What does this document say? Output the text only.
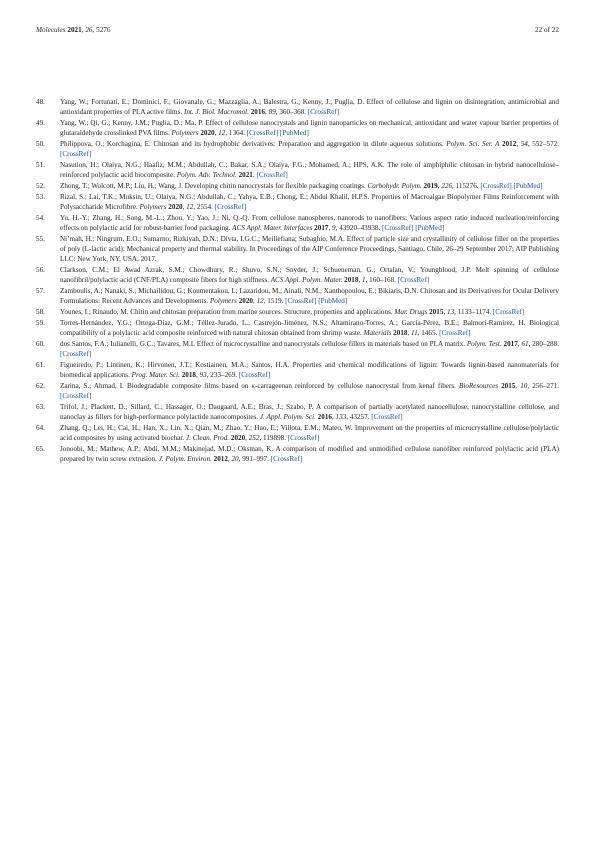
Molecules 2021, 26, 5276	22 of 22
48. Yang, W.; Fortunati, E.; Dominici, F.; Giovanale, G.; Mazzaglia, A.; Balestra, G.; Kenny, J.; Puglia, D. Effect of cellulose and lignin on disintegration, antimicrobial and antioxidant properties of PLA active films. Int. J. Biol. Macromol. 2016, 89, 360–368. [CrossRef]
49. Yang, W.; Qi, G.; Kenny, J.M.; Puglia, D.; Ma, P. Effect of cellulose nanocrystals and lignin nanoparticles on mechanical, antioxidant and water vapour barrier properties of glutaraldehyde crosslinked PVA films. Polymers 2020, 12, 1364. [CrossRef] [PubMed]
50. Philippova, O.; Korchagina, E. Chitosan and its hydrophobic derivatives: Preparation and aggregation in dilute aqueous solutions. Polym. Sci. Ser. A 2012, 54, 552–572. [CrossRef]
51. Nasution, H.; Olaiya, N.G.; Haafiz, M.M.; Abdullah, C.; Bakar, S.A.; Olaiya, F.G.; Mohamed, A.; HPS, A.K. The role of amphiphilic chitosan in hybrid nanocellulose–reinforced polylactic acid biocomposite. Polym. Adv. Technol. 2021. [CrossRef]
52. Zhong, T.; Wolcott, M.P.; Liu, H.; Wang, J. Developing chitin nanocrystals for flexible packaging coatings. Carbohydr. Polym. 2019, 226, 115276. [CrossRef] [PubMed]
53. Rizal, S.; Lai, T.K.; Muksin, U.; Olaiya, N.G.; Abdullah, C.; Yahya, E.B.; Chong, E.; Abdul Khalil, H.P.S. Properties of Macroalgae Biopolymer Films Reinforcement with Polysaccharide Microfibre. Polymers 2020, 12, 2554. [CrossRef]
54. Yu, H.-Y.; Zhang, H.; Song, M.-L.; Zhou, Y.; Yao, J.; Ni, Q.-Q. From cellulose nanospheres, nanorods to nanofibers: Various aspect ratio induced nucleation/reinforcing effects on polylactic acid for robust-barrier food packaging. ACS Appl. Mater. Interfaces 2017, 9, 43920–43938. [CrossRef] [PubMed]
55. Ni’mah, H.; Ningrum, E.O.; Sumarno; Rizkiyah, D.N.; Divta, I.G.C.; Meiliefiana; Subaghio, M.A. Effect of particle size and crystallinity of cellulose filler on the properties of poly (L-lactic acid): Mechanical property and thermal stability. In Proceedings of the AIP Conference Proceedings, Santiago, Chile, 26–29 September 2017; AIP Publishing LLC: New York, NY, USA, 2017.
56. Clarkson, C.M.; El Awad Azrak, S.M.; Chowdhury, R.; Shuvo, S.N.; Snyder, J.; Schueneman, G.; Ortalan, V.; Youngblood, J.P. Melt spinning of cellulose nanofibril/polylactic acid (CNF/PLA) composite fibers for high stiffness. ACS Appl. Polym. Mater. 2018, 1, 160–168. [CrossRef]
57. Zamboulis, A.; Nanaki, S.; Michailidou, G.; Koumentakou, I.; Lazaridou, M.; Ainali, N.M.; Xanthopoulou, E.; Bikiaris, D.N. Chitosan and its Derivatives for Ocular Delivery Formulations: Recent Advances and Developments. Polymers 2020, 12, 1519. [CrossRef] [PubMed]
58. Younes, I.; Rinaudo, M. Chitin and chitosan preparation from marine sources. Structure, properties and applications. Mar. Drugs 2015, 13, 1133–1174. [CrossRef]
59. Torres-Hernández, Y.G.; Ortega-Díaz, G.M.; Téllez-Jurado, L.; Castrejón-Jiménez, N.S.; Altamirano-Torres, A.; García-Pérez, B.E.; Balmori-Ramírez, H. Biological compatibility of a polylactic acid composite reinforced with natural chitosan obtained from shrimp waste. Materials 2018, 11, 1465. [CrossRef]
60. dos Santos, F.A.; Iulianelli, G.C.; Tavares, M.I. Effect of microcrystalline and nanocrystals cellulose fillers in materials based on PLA matrix. Polym. Test. 2017, 61, 280–288. [CrossRef]
61. Figueiredo, P.; Lintinen, K.; Hirvonen, J.T.; Kostiainen, M.A.; Santos, H.A. Properties and chemical modifications of lignin: Towards lignin-based nanomaterials for biomedical applications. Prog. Mater. Sci. 2018, 93, 233–269. [CrossRef]
62. Zarina, S.; Ahmad, I. Biodegradable composite films based on κ-carrageenan reinforced by cellulose nanocrystal from kenaf fibers. BioResources 2015, 10, 256–271. [CrossRef]
63. Trifol, J.; Plackett, D.; Sillard, C.; Hassager, O.; Daugaard, A.E.; Bras, J.; Szabo, P. A comparison of partially acetylated nanocellulose, nanocrystalline cellulose, and nanoclay as fillers for high-performance polylactide nanocomposites. J. Appl. Polym. Sci. 2016, 133, 43257. [CrossRef]
64. Zhang, Q.; Lei, H.; Cai, H.; Han, X.; Lin, X.; Qian, M.; Zhao, Y.; Huo, E.; Villota, E.M.; Mateo, W. Improvement on the properties of microcrystalline cellulose/polylactic acid composites by using activated biochar. J. Clean. Prod. 2020, 252, 119898. [CrossRef]
65. Jonoobi, M.; Mathew, A.P.; Abdi, M.M.; Makinejad, M.D.; Oksman, K. A comparison of modified and unmodified cellulose nanofiber reinforced polylactic acid (PLA) prepared by twin screw extrusion. J. Polym. Environ. 2012, 20, 991–997. [CrossRef]
